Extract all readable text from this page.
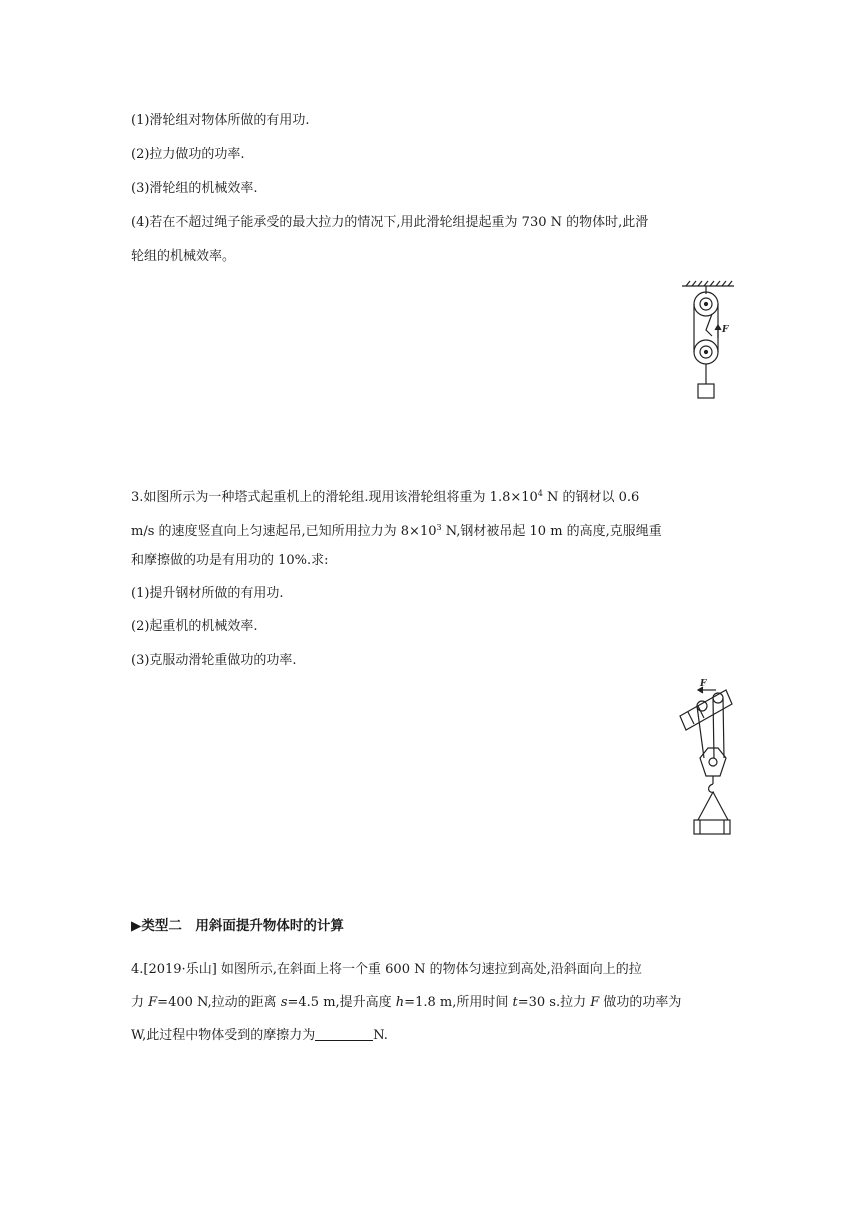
(1)滑轮组对物体所做的有用功.
(2)拉力做功的功率.
(3)滑轮组的机械效率.
(4)若在不超过绳子能承受的最大拉力的情况下,用此滑轮组提起重为 730 N 的物体时,此滑
轮组的机械效率。
F
3.如图所示为一种塔式起重机上的滑轮组.现用该滑轮组将重为 $1.8\times 10^4$ N 的钢材以 0.6
m/s 的速度竖直向上匀速起吊,已知所用拉力为 $8\times 10^3$ N,钢材被吊起 10 m 的高度,克服绳重
和摩擦做的功是有用功的 10%.求:
(1)提升钢材所做的有用功.
(2)起重机的机械效率.
(3)克服动滑轮重做功的功率.
F
▶类型二　用斜面提升物体时的计算
4.[2019·乐山] 如图所示,在斜面上将一个重 600 N 的物体匀速拉到高处,沿斜面向上的拉
力 F=400 N,拉动的距离 s=4.5 m,提升高度 h=1.8 m,所用时间 t=30 s.拉力 F 做功的功率为
W,此过程中物体受到的摩擦力为	N.
